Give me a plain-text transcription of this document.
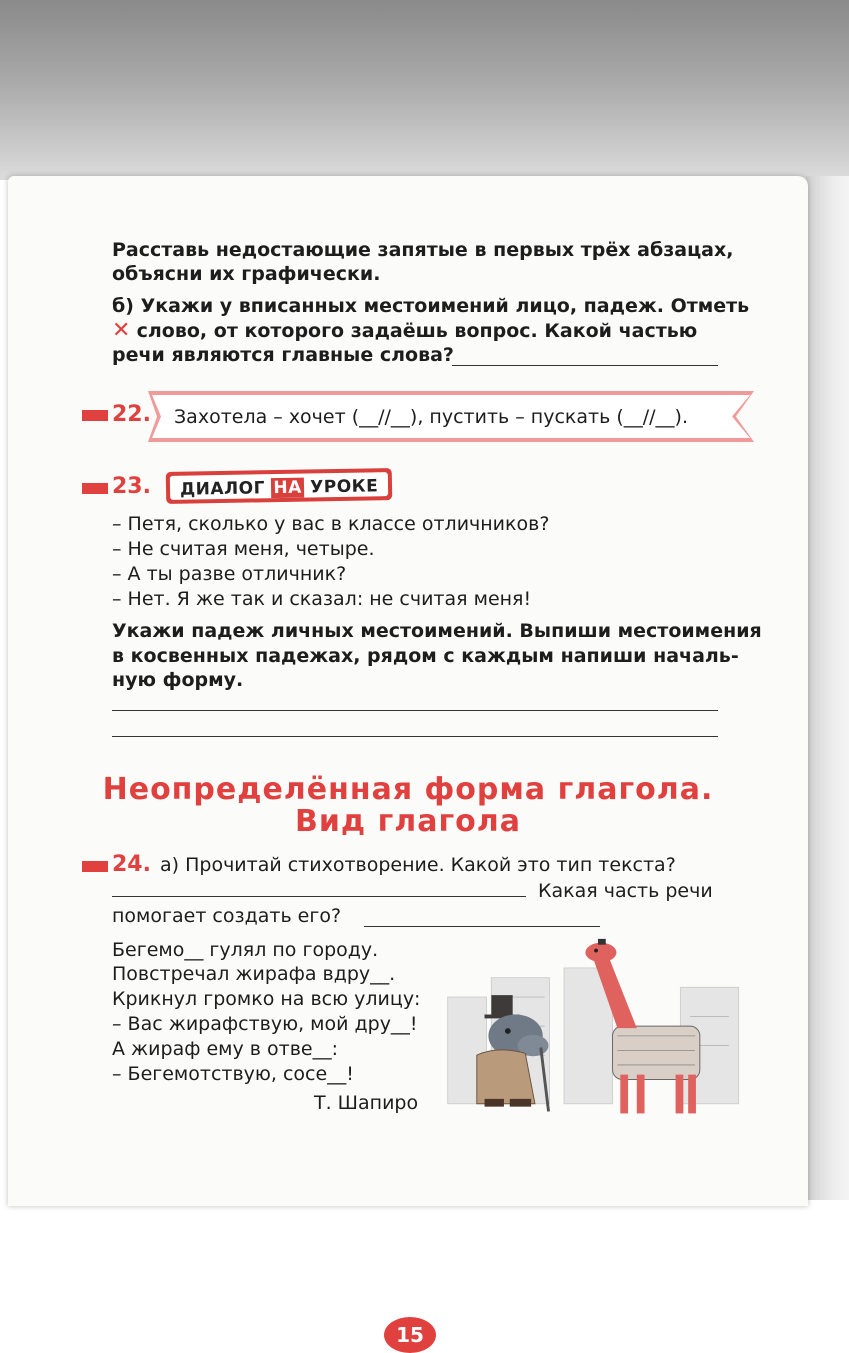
Расставь недостающие запятые в первых трёх абзацах,
объясни их графически.
б) Укажи у вписанных местоимений лицо, падеж. Отметь
✕ слово, от которого задаёшь вопрос. Какой частью
речи являются главные слова?
22. Захотела – хочет (__//__), пустить – пускать (__//__).
23. ДИАЛОГ НА УРОКЕ
– Петя, сколько у вас в классе отличников?
– Не считая меня, четыре.
– А ты разве отличник?
– Нет. Я же так и сказал: не считая меня!
Укажи падеж личных местоимений. Выпиши местоимения
в косвенных падежах, рядом с каждым напиши началь-
ную форму.
Неопределённая форма глагола.
Вид глагола
24. а) Прочитай стихотворение. Какой это тип текста?
Какая часть речи
помогает создать его?
Бегемо__ гулял по городу.
Повстречал жирафа вдру__.
Крикнул громко на всю улицу:
– Вас жирафствую, мой дру__!
А жираф ему в отве__:
– Бегемотствую, сосе__!
Т. Шапиро
15
